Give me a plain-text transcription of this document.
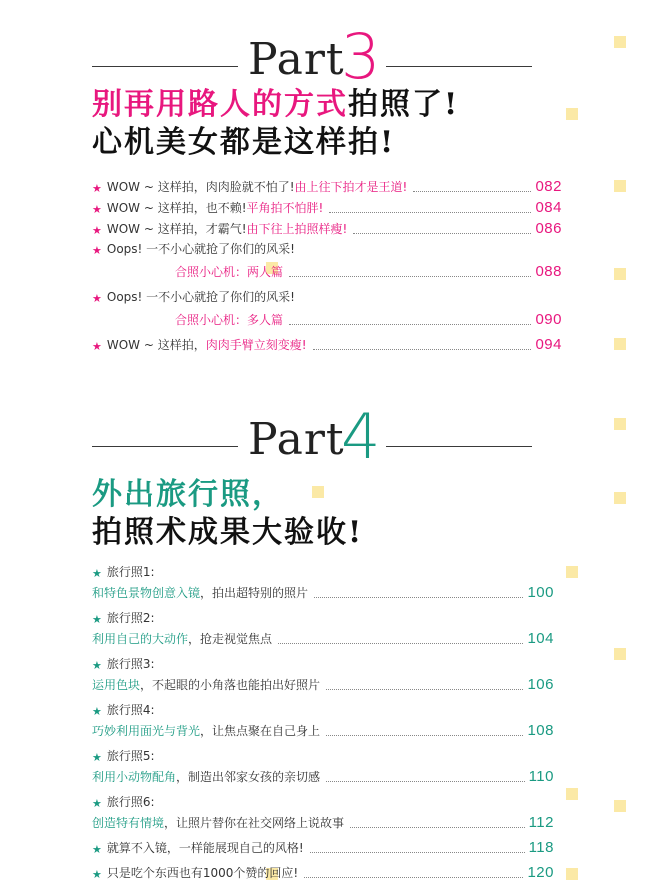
Part
3
别再用路人的方式拍照了!
心机美女都是这样拍!
★ WOW ~ 这样拍，肉肉脸就不怕了! 由上往下拍才是王道!	082
★ WOW ~ 这样拍，也不赖! 平角拍不怕胖!	084
★ WOW ~ 这样拍，才霸气! 由下往上拍照样瘦!	086
★ Oops! 一不小心就抢了你们的风采!
合照小心机：两人篇	088
★ Oops! 一不小心就抢了你们的风采!
合照小心机：多人篇	090
★ WOW ~ 这样拍， 肉肉手臂立刻变瘦!	094
Part
4
外出旅行照，
拍照术成果大验收!
★ 旅行照1:
和特色景物创意入镜 ，拍出超特别的照片	100
★ 旅行照2:
利用自己的大动作 ，抢走视觉焦点	104
★ 旅行照3:
运用色块 ，不起眼的小角落也能拍出好照片	106
★ 旅行照4:
巧妙利用面光与背光 ，让焦点聚在自己身上	108
★ 旅行照5:
利用小动物配角 ，制造出邻家女孩的亲切感	110
★ 旅行照6:
创造特有情境 ，让照片替你在社交网络上说故事	112
★ 就算不入镜，一样能展现自己的风格!	118
★ 只是吃个东西也有1000个赞的回应!	120
